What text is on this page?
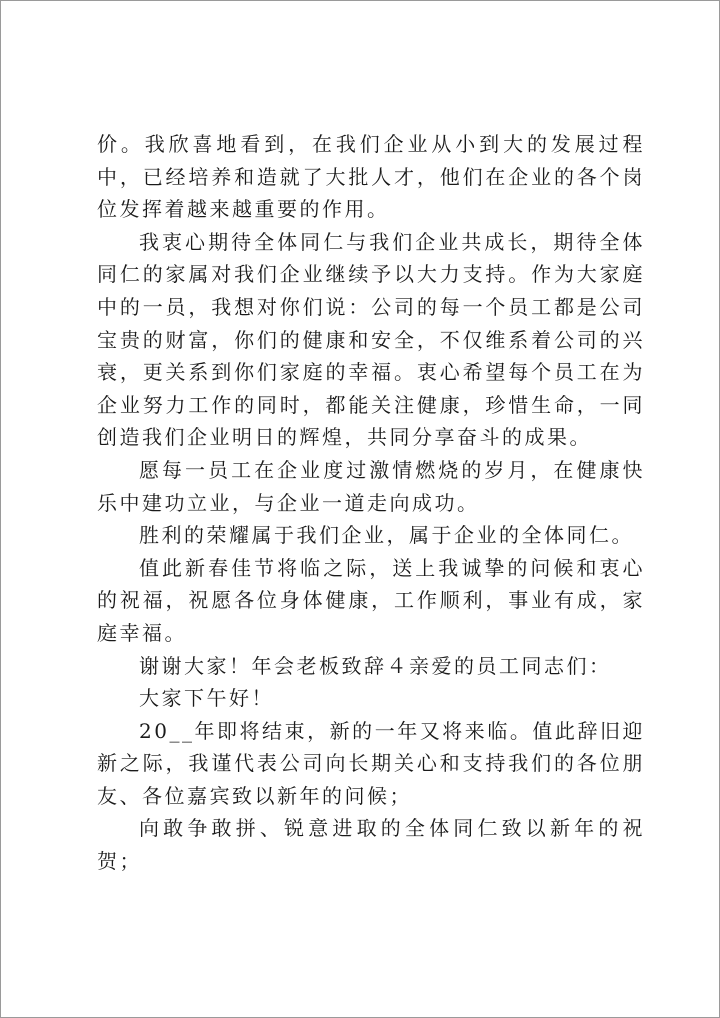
价。我欣喜地看到，在我们企业从小到大的发展过程中，已经培养和造就了大批人才，他们在企业的各个岗位发挥着越来越重要的作用。

我衷心期待全体同仁与我们企业共成长，期待全体同仁的家属对我们企业继续予以大力支持。作为大家庭中的一员，我想对你们说：公司的每一个员工都是公司宝贵的财富，你们的健康和安全，不仅维系着公司的兴衰，更关系到你们家庭的幸福。衷心希望每个员工在为企业努力工作的同时，都能关注健康，珍惜生命，一同创造我们企业明日的辉煌，共同分享奋斗的成果。

愿每一员工在企业度过激情燃烧的岁月，在健康快乐中建功立业，与企业一道走向成功。

胜利的荣耀属于我们企业，属于企业的全体同仁。

值此新春佳节将临之际，送上我诚挚的问候和衷心的祝福，祝愿各位身体健康，工作顺利，事业有成，家庭幸福。

谢谢大家！年会老板致辞４亲爱的员工同志们：

大家下午好！

20__年即将结束，新的一年又将来临。值此辞旧迎新之际，我谨代表公司向长期关心和支持我们的各位朋友、各位嘉宾致以新年的问候；

向敢争敢拼、锐意进取的全体同仁致以新年的祝贺；
